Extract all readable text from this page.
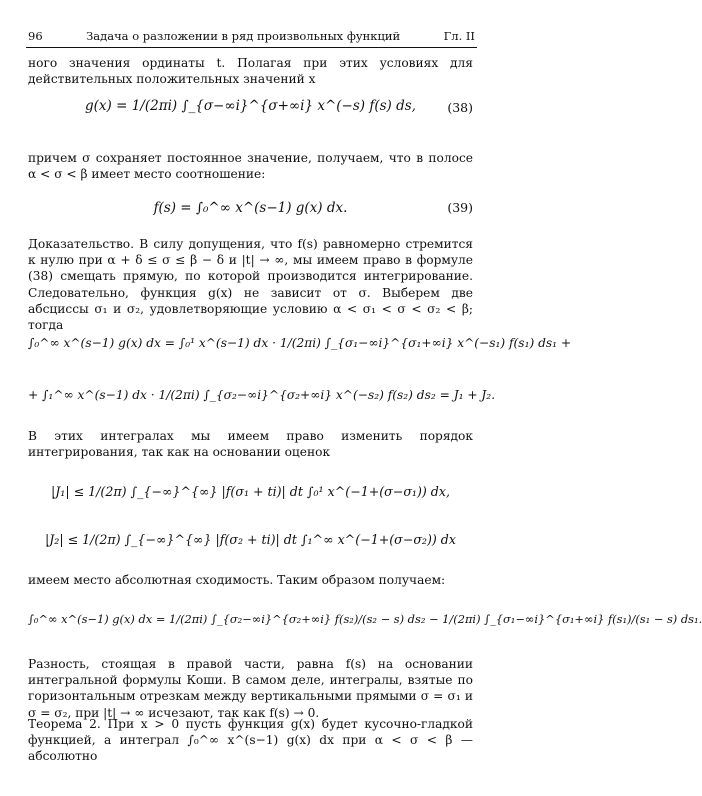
96	Задача о разложении в ряд произвольных функций	Гл. II
ного значения ординаты t. Полагая при этих условиях для действительных положительных значений x
g(x) = 1/(2πi) ∫_{σ−∞i}^{σ+∞i} x^(−s) f(s) ds,	(38)
причем σ сохраняет постоянное значение, получаем, что в полосе α < σ < β имеет место соотношение:
f(s) = ∫₀^∞ x^(s−1) g(x) dx.	(39)
Доказательство. В силу допущения, что f(s) равномерно стремится к нулю при α + δ ≤ σ ≤ β − δ и |t| → ∞, мы имеем право в формуле (38) смещать прямую, по которой производится интегрирование. Следовательно, функция g(x) не зависит от σ. Выберем две абсциссы σ₁ и σ₂, удовлетворяющие условию α < σ₁ < σ < σ₂ < β; тогда
∫₀^∞ x^(s−1) g(x) dx = ∫₀¹ x^(s−1) dx · 1/(2πi) ∫_{σ₁−∞i}^{σ₁+∞i} x^(−s₁) f(s₁) ds₁ +
+ ∫₁^∞ x^(s−1) dx · 1/(2πi) ∫_{σ₂−∞i}^{σ₂+∞i} x^(−s₂) f(s₂) ds₂ = J₁ + J₂.
В этих интегралах мы имеем право изменить порядок интегрирования, так как на основании оценок
|J₁| ≤ 1/(2π) ∫_{−∞}^{∞} |f(σ₁ + ti)| dt ∫₀¹ x^(−1+(σ−σ₁)) dx,
|J₂| ≤ 1/(2π) ∫_{−∞}^{∞} |f(σ₂ + ti)| dt ∫₁^∞ x^(−1+(σ−σ₂)) dx
имеем место абсолютная сходимость. Таким образом получаем:
∫₀^∞ x^(s−1) g(x) dx = 1/(2πi) ∫_{σ₂−∞i}^{σ₂+∞i} f(s₂)/(s₂ − s) ds₂ − 1/(2πi) ∫_{σ₁−∞i}^{σ₁+∞i} f(s₁)/(s₁ − s) ds₁.
Разность, стоящая в правой части, равна f(s) на основании интегральной формулы Коши. В самом деле, интегралы, взятые по горизонтальным отрезкам между вертикальными прямыми σ = σ₁ и σ = σ₂, при |t| → ∞ исчезают, так как f(s) → 0.
Теорема 2. При x > 0 пусть функция g(x) будет кусочно-гладкой функцией, а интеграл ∫₀^∞ x^(s−1) g(x) dx при α < σ < β — абсолютно
